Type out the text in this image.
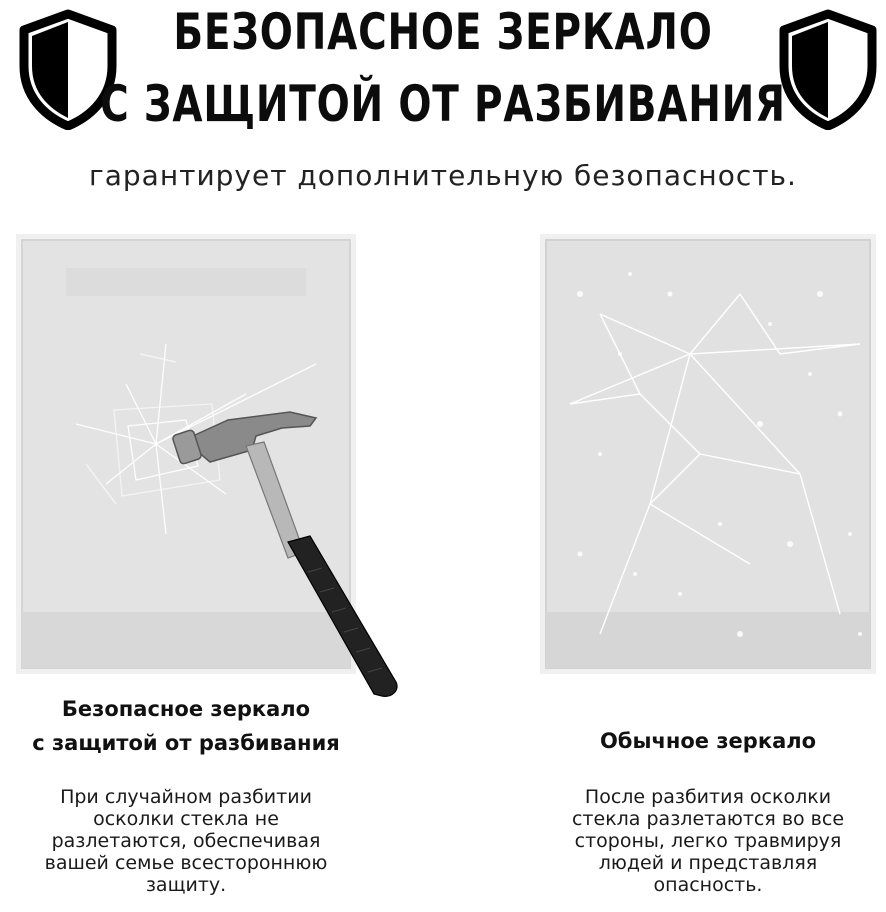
БЕЗОПАСНОЕ ЗЕРКАЛО
С ЗАЩИТОЙ ОТ РАЗБИВАНИЯ
гарантирует дополнительную безопасность.
Безопасное зеркало
с защитой от разбивания	Обычное зеркало
При случайном разбитии
осколки стекла не
разлетаются, обеспечивая
вашей семье всестороннюю
защиту.
После разбития осколки
стекла разлетаются во все
стороны, легко травмируя
людей и представляя
опасность.
